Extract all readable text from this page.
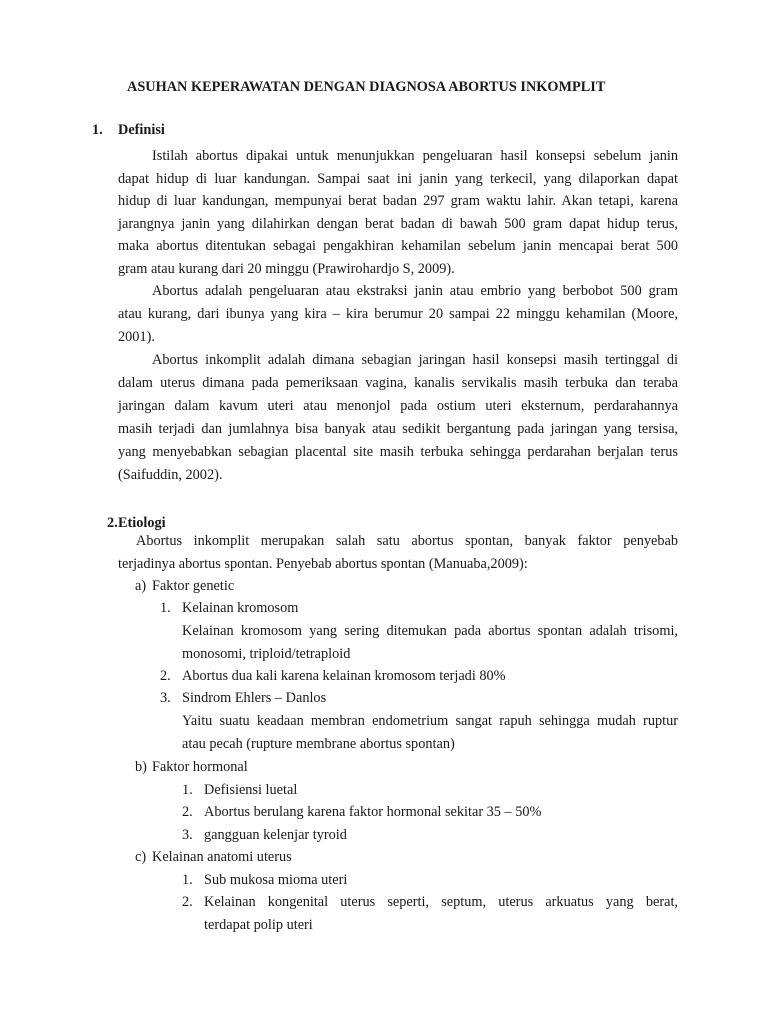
ASUHAN KEPERAWATAN DENGAN DIAGNOSA ABORTUS INKOMPLIT
1. Definisi
Istilah abortus dipakai untuk menunjukkan pengeluaran hasil konsepsi sebelum janin
dapat hidup di luar kandungan. Sampai saat ini janin yang terkecil, yang dilaporkan dapat
hidup di luar kandungan, mempunyai berat badan 297 gram waktu lahir. Akan tetapi, karena
jarangnya janin yang dilahirkan dengan berat badan di bawah 500 gram dapat hidup terus,
maka abortus ditentukan sebagai pengakhiran kehamilan sebelum janin mencapai berat 500
gram atau kurang dari 20 minggu (Prawirohardjo S, 2009).
Abortus adalah pengeluaran atau ekstraksi janin atau embrio yang berbobot 500 gram
atau kurang, dari ibunya yang kira – kira berumur 20 sampai 22 minggu kehamilan (Moore,
2001).
Abortus inkomplit adalah dimana sebagian jaringan hasil konsepsi masih tertinggal di
dalam uterus dimana pada pemeriksaan vagina, kanalis servikalis masih terbuka dan teraba
jaringan dalam kavum uteri atau menonjol pada ostium uteri eksternum, perdarahannya
masih terjadi dan jumlahnya bisa banyak atau sedikit bergantung pada jaringan yang tersisa,
yang menyebabkan sebagian placental site masih terbuka sehingga perdarahan berjalan terus
(Saifuddin, 2002).
2. Etiologi
Abortus inkomplit merupakan salah satu abortus spontan, banyak faktor penyebab
terjadinya abortus spontan. Penyebab abortus spontan (Manuaba,2009):
a) Faktor genetic
1. Kelainan kromosom
Kelainan kromosom yang sering ditemukan pada abortus spontan adalah trisomi,
monosomi, triploid/tetraploid
2. Abortus dua kali karena kelainan kromosom terjadi 80%
3. Sindrom Ehlers – Danlos
Yaitu suatu keadaan membran endometrium sangat rapuh sehingga mudah ruptur
atau pecah (rupture membrane abortus spontan)
b) Faktor hormonal
1. Defisiensi luetal
2. Abortus berulang karena faktor hormonal sekitar 35 – 50%
3. gangguan kelenjar tyroid
c) Kelainan anatomi uterus
1. Sub mukosa mioma uteri
2. Kelainan kongenital uterus seperti, septum, uterus arkuatus yang berat,
terdapat polip uteri
